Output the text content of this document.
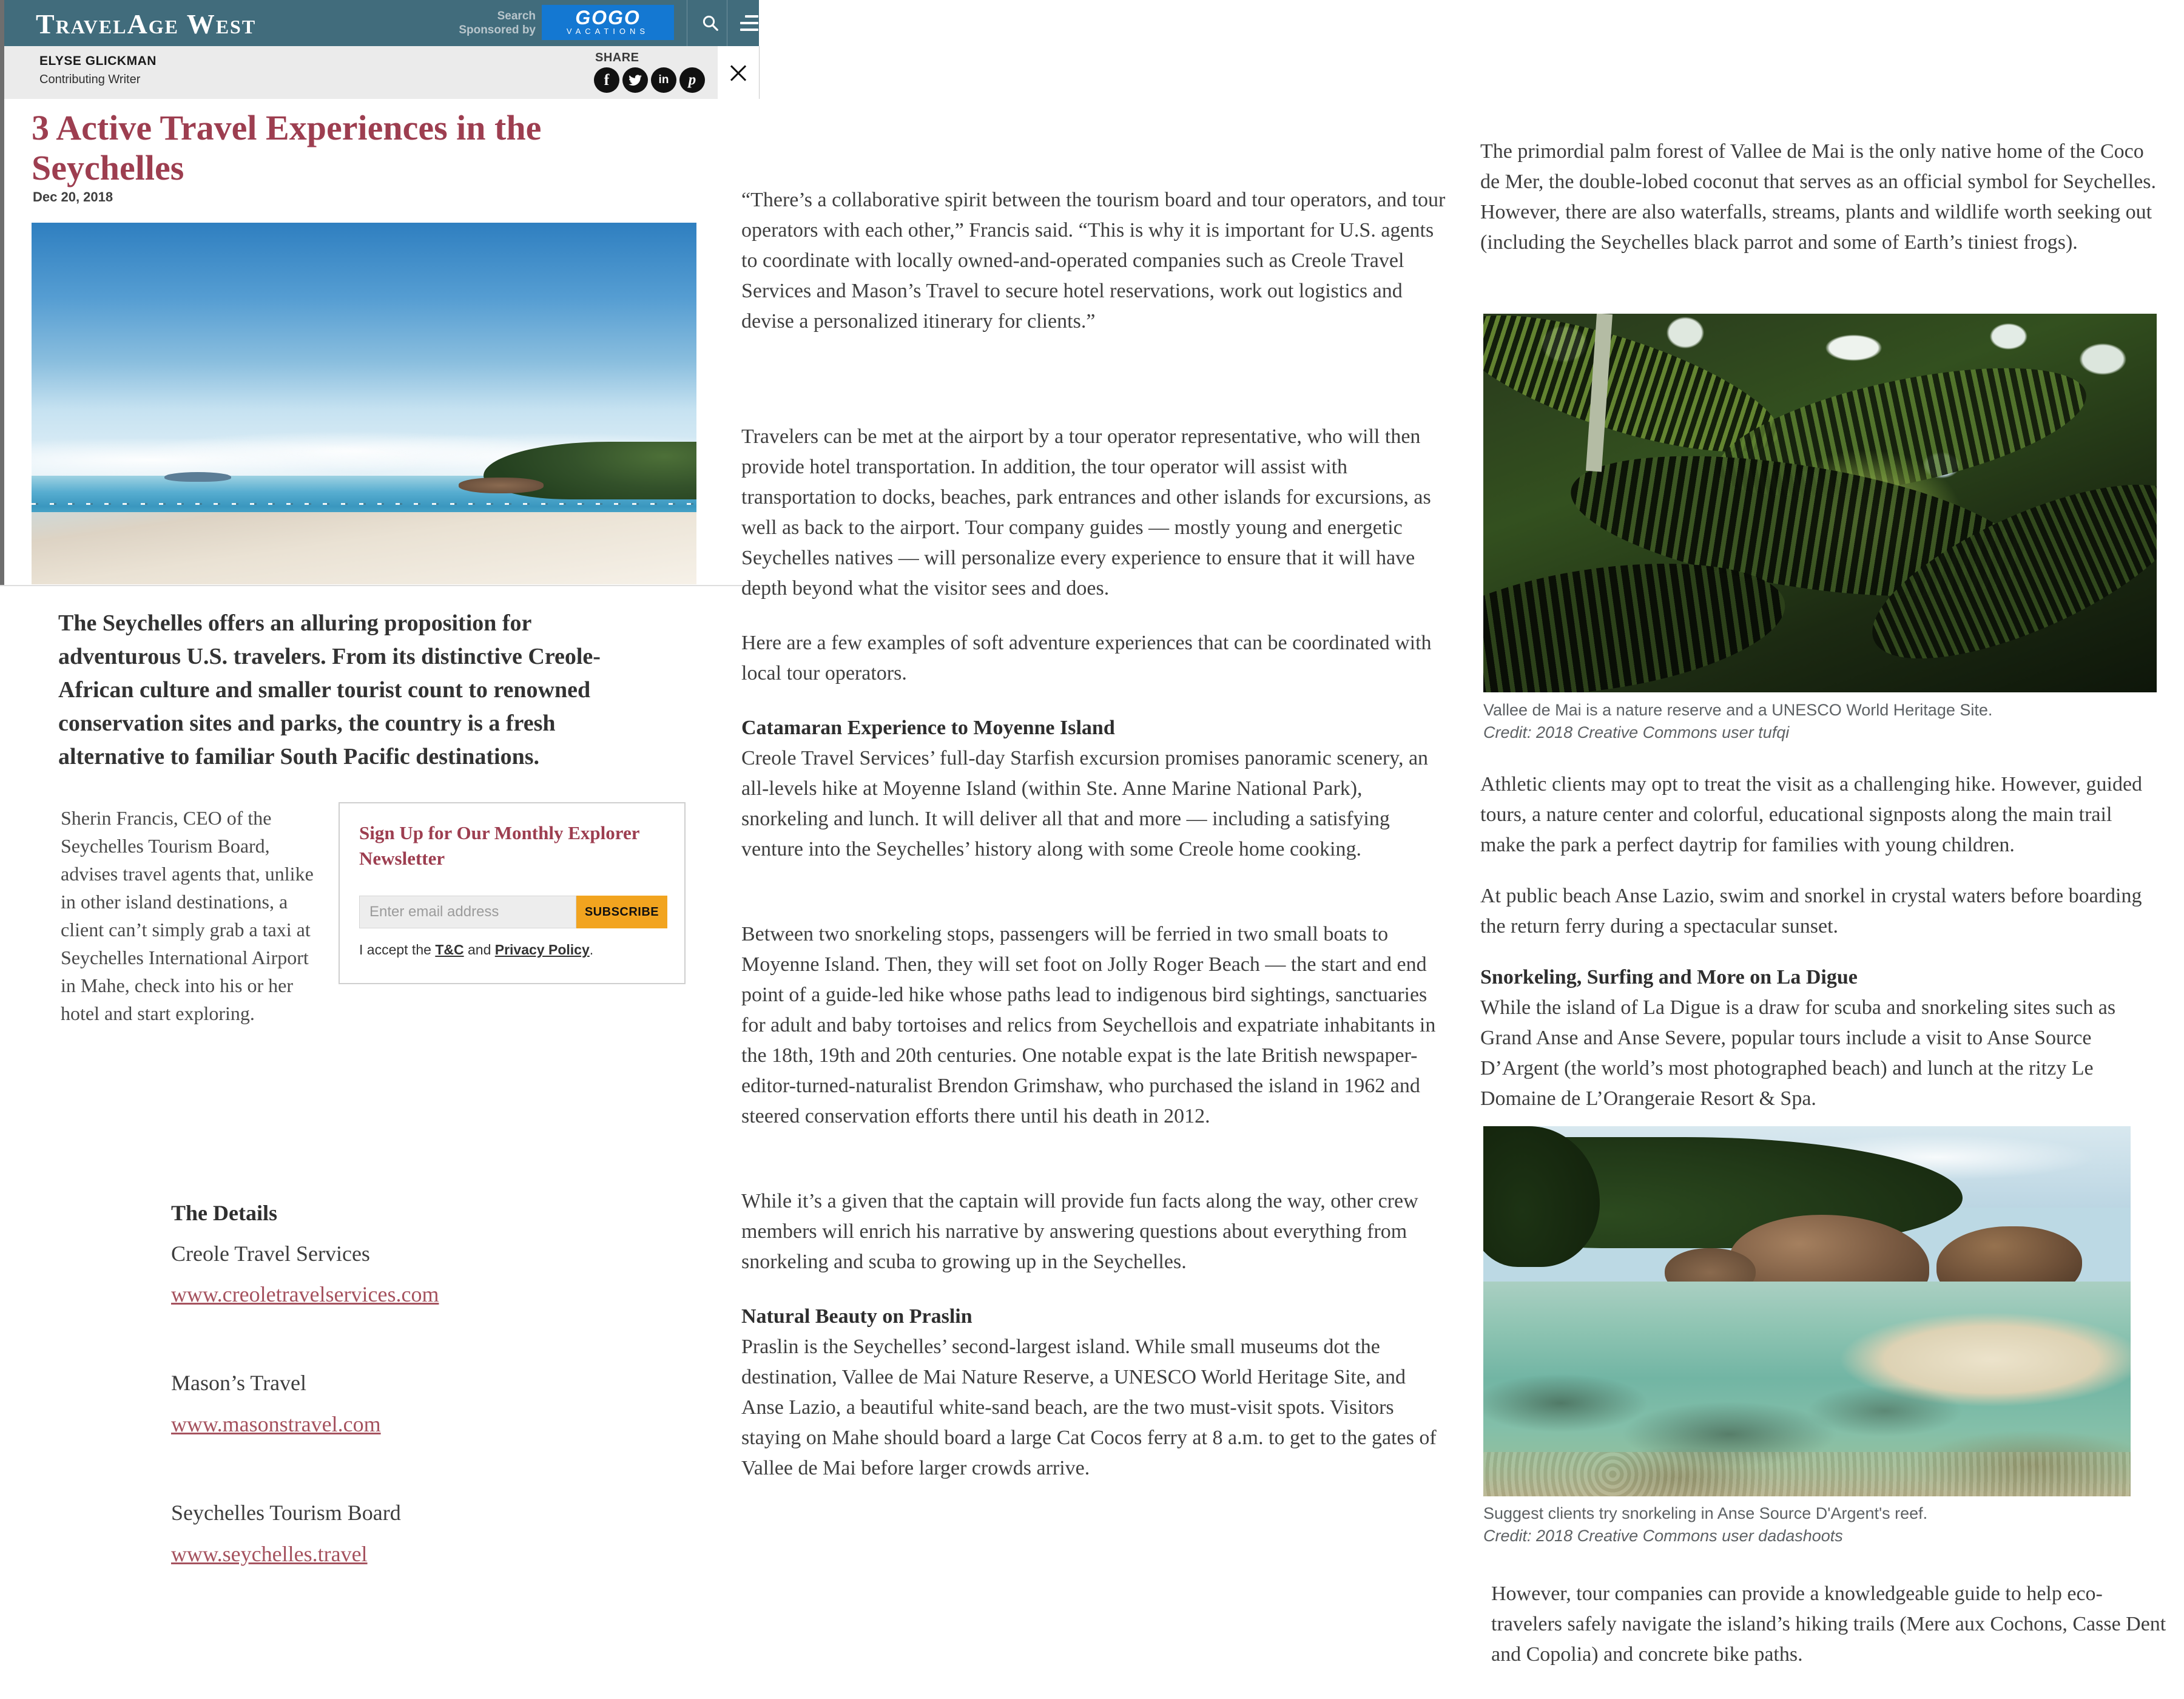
TravelAge West	Search
Sponsored by
GOGO
VACATIONS
ELYSE GLICKMAN
Contributing Writer
SHARE
f	in p
3 Active Travel Experiences in the Seychelles
Dec 20, 2018

The Seychelles offers an alluring proposition for adventurous U.S. travelers. From its distinctive Creole-African culture and smaller tourist count to renowned conservation sites and parks, the country is a fresh alternative to familiar South Pacific destinations.

Sherin Francis, CEO of the Seychelles Tourism Board, advises travel agents that, unlike in other island destinations, a client can’t simply grab a taxi at Seychelles International Airport in Mahe, check into his or her hotel and start exploring.

Sign Up for Our Monthly Explorer Newsletter
Enter email address
SUBSCRIBE
I accept the T&C and Privacy Policy.
The Details
Creole Travel Services
www.creoletravelservices.com
Mason’s Travel
www.masonstravel.com
Seychelles Tourism Board
www.seychelles.travel

“There’s a collaborative spirit between the tourism board and tour operators, and tour operators with each other,” Francis said. “This is why it is important for U.S. agents to coordinate with locally owned-and-operated companies such as Creole Travel Services and Mason’s Travel to secure hotel reservations, work out logistics and devise a personalized itinerary for clients.”

Travelers can be met at the airport by a tour operator representative, who will then provide hotel transportation. In addition, the tour operator will assist with transportation to docks, beaches, park entrances and other islands for excursions, as well as back to the airport. Tour company guides — mostly young and energetic Seychelles natives — will personalize every experience to ensure that it will have depth beyond what the visitor sees and does.

Here are a few examples of soft adventure experiences that can be coordinated with local tour operators.

Catamaran Experience to Moyenne Island

Creole Travel Services’ full-day Starfish excursion promises panoramic scenery, an all-levels hike at Moyenne Island (within Ste. Anne Marine National Park), snorkeling and lunch. It will deliver all that and more — including a satisfying venture into the Seychelles’ history along with some Creole home cooking.

Between two snorkeling stops, passengers will be ferried in two small boats to Moyenne Island. Then, they will set foot on Jolly Roger Beach — the start and end point of a guide-led hike whose paths lead to indigenous bird sightings, sanctuaries for adult and baby tortoises and relics from Seychellois and expatriate inhabitants in the 18th, 19th and 20th centuries. One notable expat is the late British newspaper-editor-turned-naturalist Brendon Grimshaw, who purchased the island in 1962 and steered conservation efforts there until his death in 2012.

While it’s a given that the captain will provide fun facts along the way, other crew members will enrich his narrative by answering questions about everything from snorkeling and scuba to growing up in the Seychelles.

Natural Beauty on Praslin

Praslin is the Seychelles’ second-largest island. While small museums dot the destination, Vallee de Mai Nature Reserve, a UNESCO World Heritage Site, and Anse Lazio, a beautiful white-sand beach, are the two must-visit spots. Visitors staying on Mahe should board a large Cat Cocos ferry at 8 a.m. to get to the gates of Vallee de Mai before larger crowds arrive.

The primordial palm forest of Vallee de Mai is the only native home of the Coco de Mer, the double-lobed coconut that serves as an official symbol for Seychelles. However, there are also waterfalls, streams, plants and wildlife worth seeking out (including the Seychelles black parrot and some of Earth’s tiniest frogs).

Vallee de Mai is a nature reserve and a UNESCO World Heritage Site.
Credit: 2018 Creative Commons user tufqi

Athletic clients may opt to treat the visit as a challenging hike. However, guided tours, a nature center and colorful, educational signposts along the main trail make the park a perfect daytrip for families with young children.

At public beach Anse Lazio, swim and snorkel in crystal waters before boarding the return ferry during a spectacular sunset.

Snorkeling, Surfing and More on La Digue

While the island of La Digue is a draw for scuba and snorkeling sites such as Grand Anse and Anse Severe, popular tours include a visit to Anse Source D’Argent (the world’s most photographed beach) and lunch at the ritzy Le Domaine de L’Orangeraie Resort & Spa.

Suggest clients try snorkeling in Anse Source D'Argent's reef.
Credit: 2018 Creative Commons user dadashoots

However, tour companies can provide a knowledgeable guide to help eco-travelers safely navigate the island’s hiking trails (Mere aux Cochons, Casse Dent and Copolia) and concrete bike paths.
